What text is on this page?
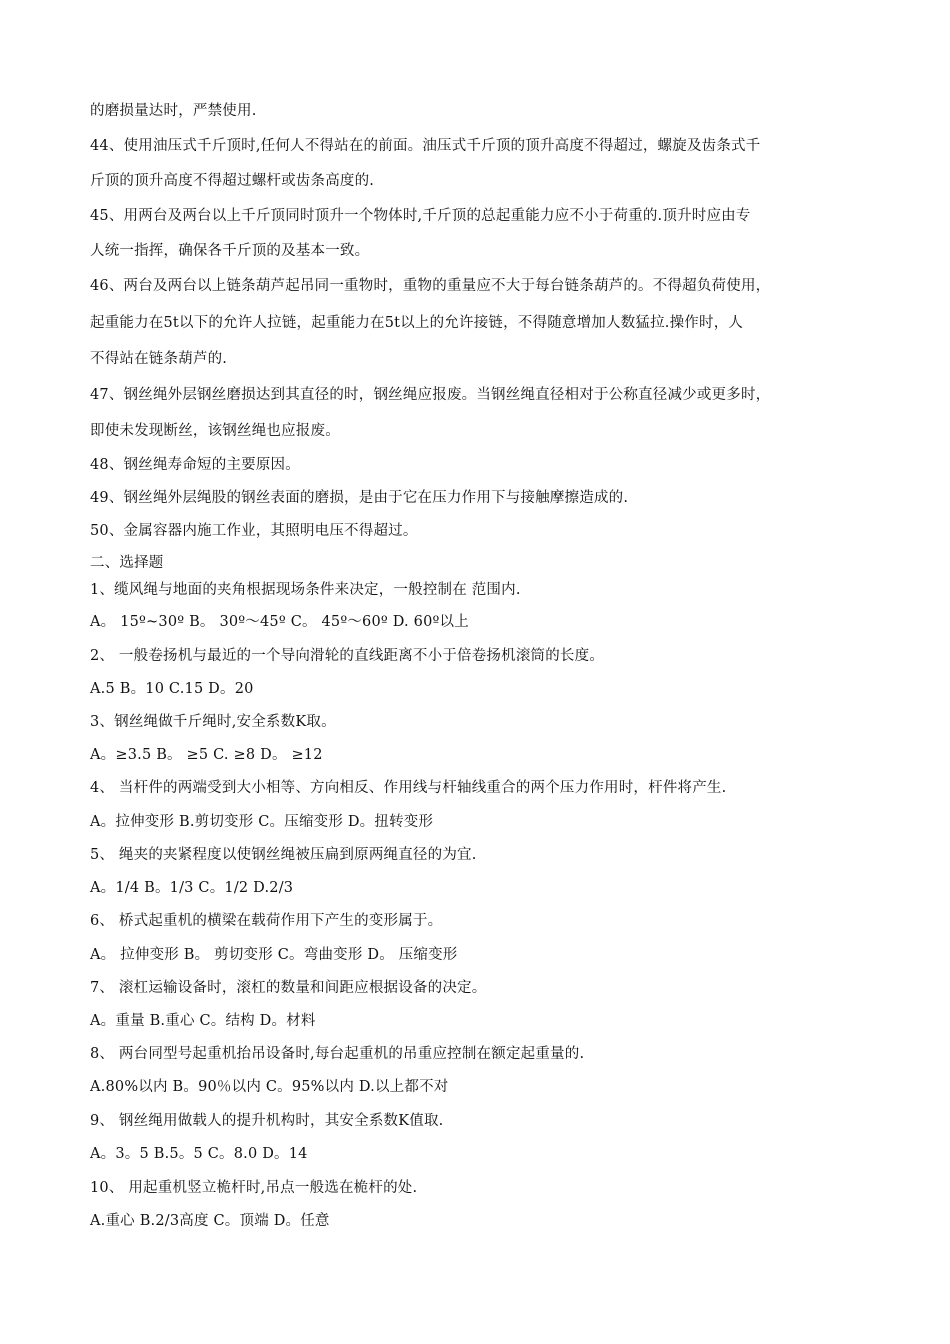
的磨损量达时，严禁使用.
44、使用油压式千斤顶时,任何人不得站在的前面。油压式千斤顶的顶升高度不得超过，螺旋及齿条式千
斤顶的顶升高度不得超过螺杆或齿条高度的.
45、用两台及两台以上千斤顶同时顶升一个物体时,千斤顶的总起重能力应不小于荷重的.顶升时应由专
人统一指挥，确保各千斤顶的及基本一致。
46、两台及两台以上链条葫芦起吊同一重物时，重物的重量应不大于每台链条葫芦的。不得超负荷使用，
起重能力在5t以下的允许人拉链，起重能力在5t以上的允许接链，不得随意增加人数猛拉.操作时，人
不得站在链条葫芦的.
47、钢丝绳外层钢丝磨损达到其直径的时，钢丝绳应报废。当钢丝绳直径相对于公称直径减少或更多时，
即使未发现断丝，该钢丝绳也应报废。
48、钢丝绳寿命短的主要原因。
49、钢丝绳外层绳股的钢丝表面的磨损，是由于它在压力作用下与接触摩擦造成的.
50、金属容器内施工作业，其照明电压不得超过。
二、选择题
1、缆风绳与地面的夹角根据现场条件来决定，一般控制在 范围内.
A。 15º~30º B。 30º～45º C。 45º～60º D. 60º以上
2、 一般卷扬机与最近的一个导向滑轮的直线距离不小于倍卷扬机滚筒的长度。
A.5 B。10 C.15 D。20
3、钢丝绳做千斤绳时,安全系数K取。
A。≥3.5 B。 ≥5 C. ≥8 D。 ≥12
4、 当杆件的两端受到大小相等、方向相反、作用线与杆轴线重合的两个压力作用时，杆件将产生.
A。拉伸变形 B.剪切变形 C。压缩变形 D。扭转变形
5、 绳夹的夹紧程度以使钢丝绳被压扁到原两绳直径的为宜.
A。1/4 B。1/3 C。1/2 D.2/3
6、 桥式起重机的横梁在载荷作用下产生的变形属于。
A。 拉伸变形 B。 剪切变形 C。弯曲变形 D。 压缩变形
7、 滚杠运输设备时，滚杠的数量和间距应根据设备的决定。
A。重量 B.重心 C。结构 D。材料
8、 两台同型号起重机抬吊设备时,每台起重机的吊重应控制在额定起重量的.
A.80%以内 B。90％以内 C。95%以内 D.以上都不对
9、 钢丝绳用做载人的提升机构时，其安全系数K值取.
A。3。5 B.5。5 C。8.0 D。14
10、 用起重机竖立桅杆时,吊点一般选在桅杆的处.
A.重心 B.2/3高度 C。顶端 D。任意
